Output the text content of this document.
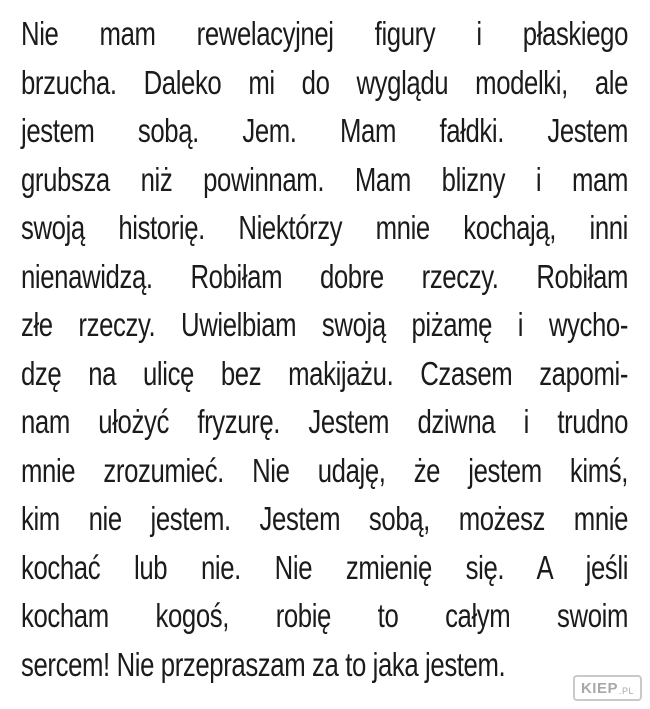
Nie mam rewelacyjnej figury i płaskiego
brzucha. Daleko mi do wyglądu modelki, ale
jestem sobą. Jem. Mam fałdki. Jestem
grubsza niż powinnam. Mam blizny i mam
swoją historię. Niektórzy mnie kochają, inni
nienawidzą. Robiłam dobre rzeczy. Robiłam
złe rzeczy. Uwielbiam swoją piżamę i wycho-
dzę na ulicę bez makijażu. Czasem zapomi-
nam ułożyć fryzurę. Jestem dziwna i trudno
mnie zrozumieć. Nie udaję, że jestem kimś,
kim nie jestem. Jestem sobą, możesz mnie
kochać lub nie. Nie zmienię się. A jeśli
kocham kogoś, robię to całym swoim
sercem! Nie przepraszam za to jaka jestem.
KIEP .PL
